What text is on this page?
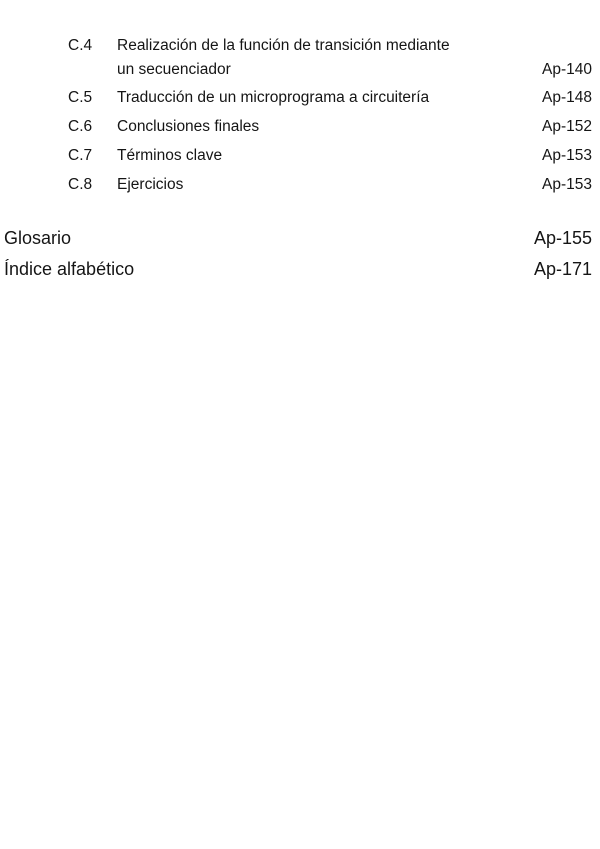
C.4 Realización de la función de transición mediante
un secuenciador	Ap-140
C.5 Traducción de un microprograma a circuitería	Ap-148
C.6 Conclusiones finales	Ap-152
C.7 Términos clave	Ap-153
C.8 Ejercicios	Ap-153
Glosario	Ap-155
Índice alfabético	Ap-171
